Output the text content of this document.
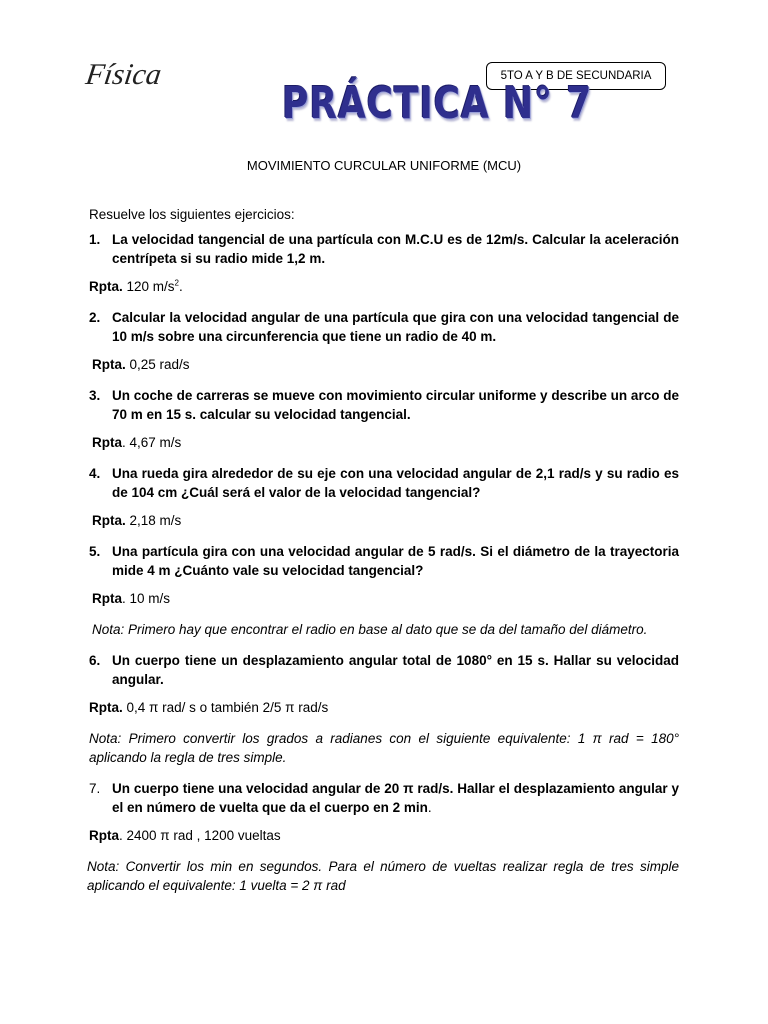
Física	5TO A Y B DE SECUNDARIA
PRÁCTICA N° 7
MOVIMIENTO CURCULAR UNIFORME (MCU)
Resuelve los siguientes ejercicios:
1. La velocidad tangencial de una partícula con M.C.U es de 12m/s. Calcular la aceleración centrípeta si su radio mide 1,2 m.
Rpta. 120 $m/s^2$.
2. Calcular la velocidad angular de una partícula que gira con una velocidad tangencial de 10 m/s sobre una circunferencia que tiene un radio de 40 m.
Rpta. 0,25 rad/s
3. Un coche de carreras se mueve con movimiento circular uniforme y describe un arco de 70 m en 15 s. calcular su velocidad tangencial.
Rpta. 4,67 m/s
4. Una rueda gira alrededor de su eje con una velocidad angular de 2,1 rad/s y su radio es de 104 cm ¿Cuál será el valor de la velocidad tangencial?
Rpta. 2,18 m/s
5. Una partícula gira con una velocidad angular de 5 rad/s. Si el diámetro de la trayectoria mide 4 m ¿Cuánto vale su velocidad tangencial?
Rpta. 10 m/s
Nota: Primero hay que encontrar el radio en base al dato que se da del tamaño del diámetro.
6. Un cuerpo tiene un desplazamiento angular total de 1080° en 15 s. Hallar su velocidad angular.
Rpta. 0,4 π rad/ s o también 2/5 π rad/s
Nota: Primero convertir los grados a radianes con el siguiente equivalente: 1 π rad = 180° aplicando la regla de tres simple.
7. Un cuerpo tiene una velocidad angular de 20 π rad/s. Hallar el desplazamiento angular y el en número de vuelta que da el cuerpo en 2 min.
Rpta. 2400 π rad , 1200 vueltas
Nota: Convertir los min en segundos. Para el número de vueltas realizar regla de tres simple aplicando el equivalente: 1 vuelta = 2 π rad
